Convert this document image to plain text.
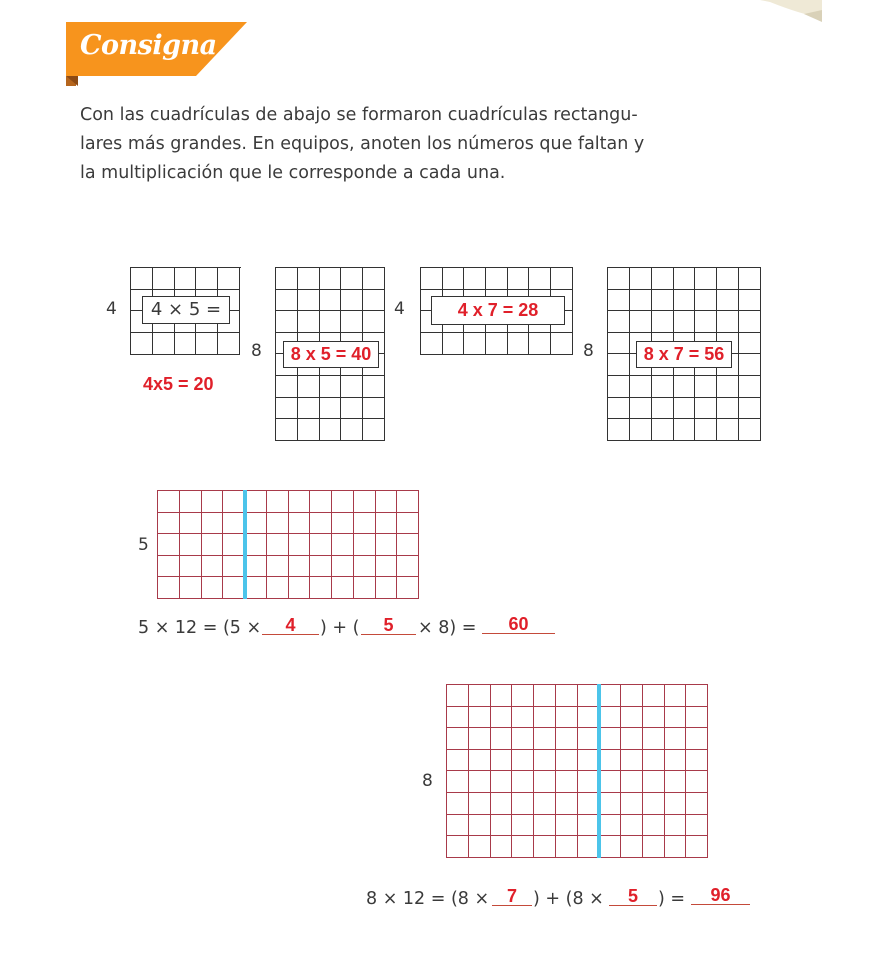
Consigna

Con las cuadrículas de abajo se formaron cuadrículas rectangu-
lares más grandes. En equipos, anoten los números que faltan y
la multiplicación que le corresponde a cada una.

4	4 × 5 =
4x5 = 20
8	8 x 5 = 40
4	4 x 7 = 28
8	8 x 7 = 56
5
5 × 12 = (5 ×	4	) + (	5	× 8) =	60
8
8 × 12 = (8 × 7 ) + (8 ×	5	) =	96
